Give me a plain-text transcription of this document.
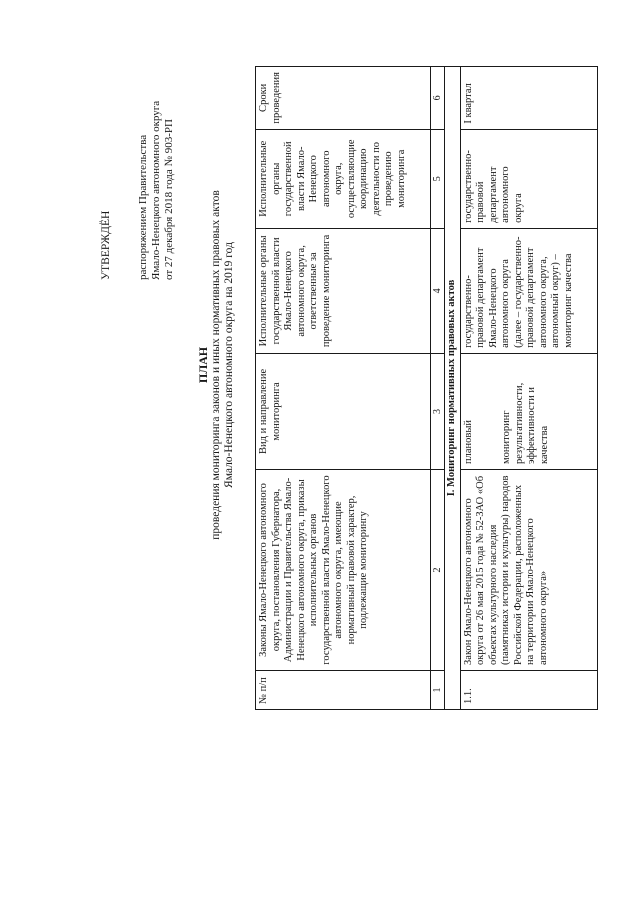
УТВЕРЖДЁН распоряжением Правительства Ямало-Ненецкого автономного округа от 27 декабря 2018 года № 903-РП
ПЛАН проведения мониторинга законов и иных нормативных правовых актов Ямало-Ненецкого автономного округа на 2019 год
№ п/п	Законы Ямало-Ненецкого автономного округа, постановления Губернатора, Администрации и Правительства Ямало-Ненецкого автономного округа, приказы исполнительных органов государственной власти Ямало-Ненецкого автономного округа, имеющие нормативный правовой характер, подлежащие мониторингу	Вид и направление мониторинга	Исполнительные органы государственной власти Ямало-Ненецкого автономного округа, ответственные за проведение мониторинга	Исполнительные органы государственной власти Ямало-Ненецкого автономного округа, осуществляющие координацию деятельности по проведению мониторинга	Сроки проведения
1	2	3	4	5	6
I. Мониторинг нормативных правовых актов					
1.1.	Закон Ямало-Ненецкого автономного округа от 26 мая 2015 года № 52-ЗАО «Об объектах культурного наследия (памятниках истории и культуры) народов Российской Федерации, расположенных на территории Ямало-Ненецкого автономного округа»	плановый мониторинг результативности, эффективности и качества	государственно-правовой департамент Ямало-Ненецкого автономного округа (далее – государственно-правовой департамент автономного округа, автономный округ) – мониторинг качества	государственно-правовой департамент автономного округа	I квартал
